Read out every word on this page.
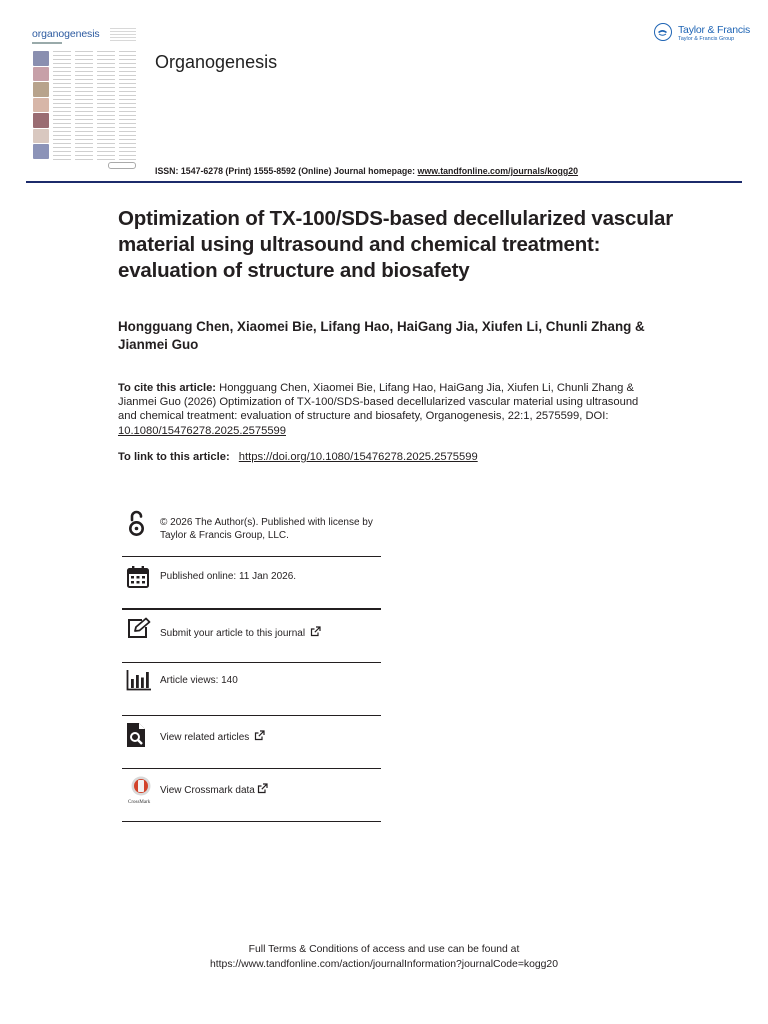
organogenesis
Organogenesis
Taylor & Francis
Taylor & Francis Group
ISSN: 1547-6278 (Print) 1555-8592 (Online) Journal homepage: www.tandfonline.com/journals/kogg20
Optimization of TX-100/SDS-based decellularized vascular material using ultrasound and chemical treatment: evaluation of structure and biosafety
Hongguang Chen, Xiaomei Bie, Lifang Hao, HaiGang Jia, Xiufen Li, Chunli Zhang & Jianmei Guo
To cite this article: Hongguang Chen, Xiaomei Bie, Lifang Hao, HaiGang Jia, Xiufen Li, Chunli Zhang & Jianmei Guo (2026) Optimization of TX-100/SDS-based decellularized vascular material using ultrasound and chemical treatment: evaluation of structure and biosafety, Organogenesis, 22:1, 2575599, DOI: 10.1080/15476278.2025.2575599
To link to this article: https://doi.org/10.1080/15476278.2025.2575599
© 2026 The Author(s). Published with license by Taylor & Francis Group, LLC.
Published online: 11 Jan 2026.
Submit your article to this journal
Article views: 140
View related articles
CrossMark
View Crossmark data
Full Terms & Conditions of access and use can be found at
https://www.tandfonline.com/action/journalInformation?journalCode=kogg20
